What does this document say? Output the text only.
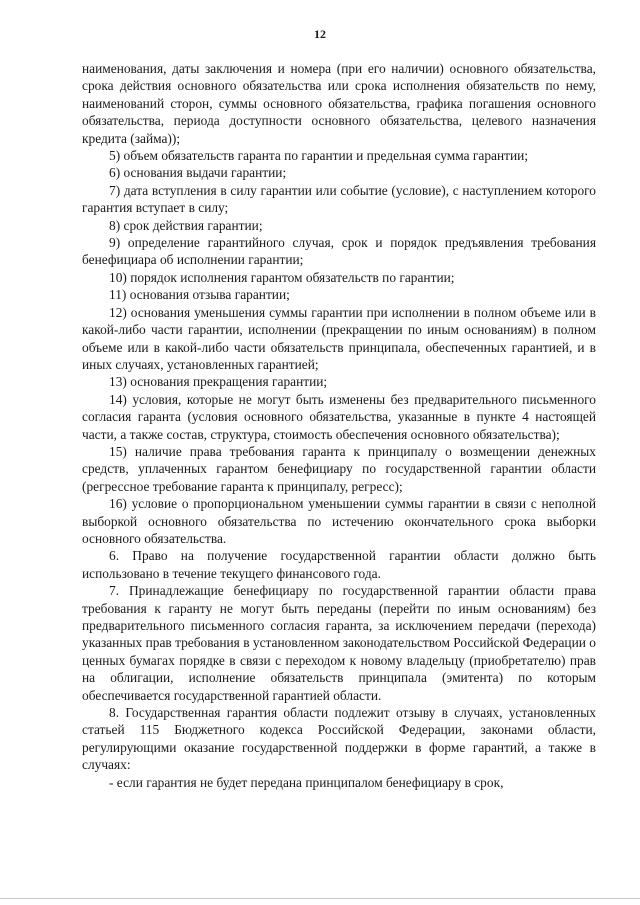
12

наименования, даты заключения и номера (при его наличии) основного обязательства, срока действия основного обязательства или срока исполнения обязательств по нему, наименований сторон, суммы основного обязательства, графика погашения основного обязательства, периода доступности основного обязательства, целевого назначения кредита (займа));

5) объем обязательств гаранта по гарантии и предельная сумма гарантии;

6) основания выдачи гарантии;

7) дата вступления в силу гарантии или событие (условие), с наступлением которого гарантия вступает в силу;

8) срок действия гарантии;

9) определение гарантийного случая, срок и порядок предъявления требования бенефициара об исполнении гарантии;

10) порядок исполнения гарантом обязательств по гарантии;

11) основания отзыва гарантии;

12) основания уменьшения суммы гарантии при исполнении в полном объеме или в какой-либо части гарантии, исполнении (прекращении по иным основаниям) в полном объеме или в какой-либо части обязательств принципала, обеспеченных гарантией, и в иных случаях, установленных гарантией;

13) основания прекращения гарантии;

14) условия, которые не могут быть изменены без предварительного письменного согласия гаранта (условия основного обязательства, указанные в пункте 4 настоящей части, а также состав, структура, стоимость обеспечения основного обязательства);

15) наличие права требования гаранта к принципалу о возмещении денежных средств, уплаченных гарантом бенефициару по государственной гарантии области (регрессное требование гаранта к принципалу, регресс);

16) условие о пропорциональном уменьшении суммы гарантии в связи с неполной выборкой основного обязательства по истечению окончательного срока выборки основного обязательства.

6. Право на получение государственной гарантии области должно быть использовано в течение текущего финансового года.

7. Принадлежащие бенефициару по государственной гарантии области права требования к гаранту не могут быть переданы (перейти по иным основаниям) без предварительного письменного согласия гаранта, за исключением передачи (перехода) указанных прав требования в установленном законодательством Российской Федерации о ценных бумагах порядке в связи с переходом к новому владельцу (приобретателю) прав на облигации, исполнение обязательств принципала (эмитента) по которым обеспечивается государственной гарантией области.

8. Государственная гарантия области подлежит отзыву в случаях, установленных статьей 115 Бюджетного кодекса Российской Федерации, законами области, регулирующими оказание государственной поддержки в форме гарантий, а также в случаях:

- если гарантия не будет передана принципалом бенефициару в срок,
